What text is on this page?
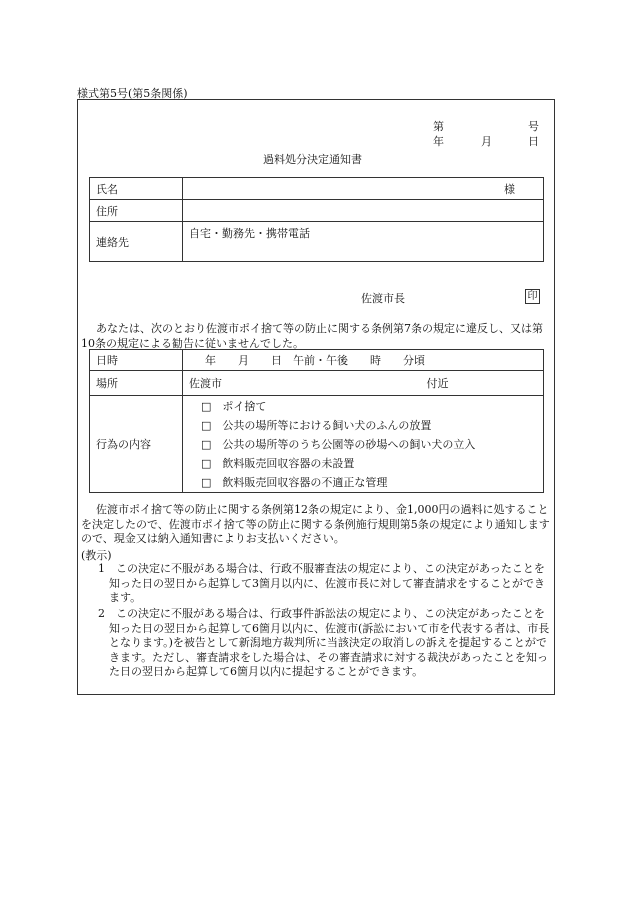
様式第5号(第5条関係)
第	号
年	月	日
過料処分決定通知書
氏名	様
住所	
連絡先	自宅・勤務先・携帯電話
佐渡市長	印
あなたは、次のとおり佐渡市ポイ捨て等の防止に関する条例第7条の規定に違反し、又は第10条の規定による勧告に従いませんでした。
日時	年　　月　　日　午前・午後　　時　　分頃
場所	佐渡市 付近

行為の内容	□　 ポイ捨て
□　 公共の場所等における飼い犬のふんの放置
□　 公共の場所等のうち公園等の砂場への飼い犬の立入
□　 飲料販売回収容器の未設置
□　 飲料販売回収容器の不適正な管理
佐渡市ポイ捨て等の防止に関する条例第12条の規定により、金1,000円の過料に処することを決定したので、佐渡市ポイ捨て等の防止に関する条例施行規則第5条の規定により通知しますので、現金又は納入通知書によりお支払いください。
(教示)
1　 この決定に不服がある場合は、行政不服審査法の規定により、この決定があったことを知った日の翌日から起算して3箇月以内に、佐渡市長に対して審査請求をすることができます。
2　 この決定に不服がある場合は、行政事件訴訟法の規定により、この決定があったことを知った日の翌日から起算して6箇月以内に、佐渡市(訴訟において市を代表する者は、市長となります。)を被告として新潟地方裁判所に当該決定の取消しの訴えを提起することができます。ただし、審査請求をした場合は、その審査請求に対する裁決があったことを知った日の翌日から起算して6箇月以内に提起することができます。
